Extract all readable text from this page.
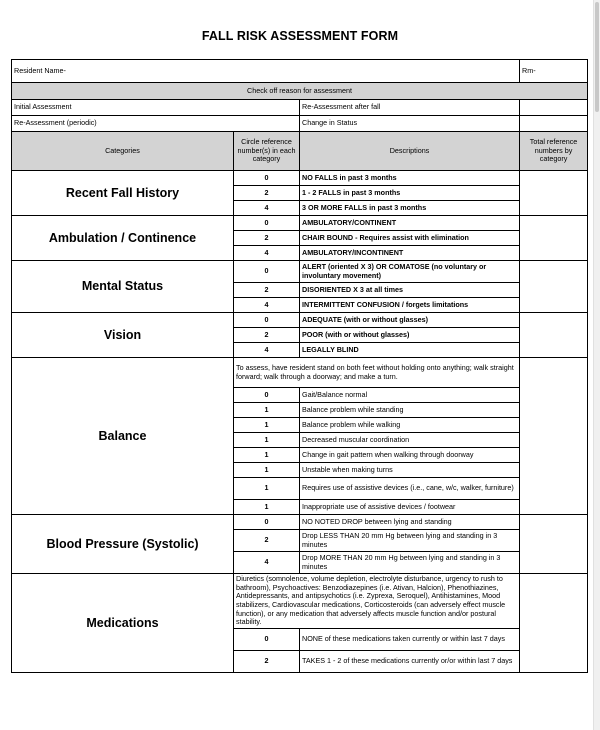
FALL RISK ASSESSMENT FORM
Resident Name-			Rm-
Check off reason for assessment			
Initial Assessment		Re-Assessment after fall	
Re-Assessment (periodic)		Change in Status	
Categories	Circle reference number(s) in each category	Descriptions	Total reference numbers by category
Recent Fall History	0	NO FALLS in past 3 months	
	2	1 - 2 FALLS in past 3 months	
	4	3 OR MORE FALLS in past 3 months	
Ambulation / Continence	0	AMBULATORY/CONTINENT	
	2	CHAIR BOUND - Requires assist with elimination	
	4	AMBULATORY/INCONTINENT	
Mental Status	0	ALERT (oriented X 3) OR COMATOSE (no voluntary or involuntary movement)	
	2	DISORIENTED X 3 at all times	
	4	INTERMITTENT CONFUSION / forgets limitations	
Vision	0	ADEQUATE (with or without glasses)	
	2	POOR (with or without glasses)	
	4	LEGALLY BLIND	
Balance	To assess, have resident stand on both feet without holding onto anything; walk straight forward; walk through a doorway; and make a turn.		
	0	Gait/Balance normal	
	1	Balance problem while standing	
	1	Balance problem while walking	
	1	Decreased muscular coordination	
	1	Change in gait pattern when walking through doorway	
	1	Unstable when making turns	
	1	Requires use of assistive devices (i.e., cane, w/c, walker, furniture)	
	1	Inappropriate use of assistive devices / footwear	
Blood Pressure (Systolic)	0	NO NOTED DROP between lying and standing	
	2	Drop LESS THAN 20 mm Hg between lying and standing in 3 minutes	
	4	Drop MORE THAN 20 mm Hg between lying and standing in 3 minutes	
Medications	Diuretics (somnolence, volume depletion, electrolyte disturbance, urgency to rush to bathroom), Psychoactives: Benzodiazepines (i.e. Ativan, Halcion), Phenothiazines, Antidepressants, and antipsychotics (i.e. Zyprexa, Seroquel), Antihistamines, Mood stabilizers, Cardiovascular medications, Corticosteroids (can adversely effect muscle function), or any medication that adversely affects muscle function and/or postural stability.		
	0	NONE of these medications taken currently or within last 7 days	
	2	TAKES 1 - 2 of these medications currently or/or within last 7 days	
